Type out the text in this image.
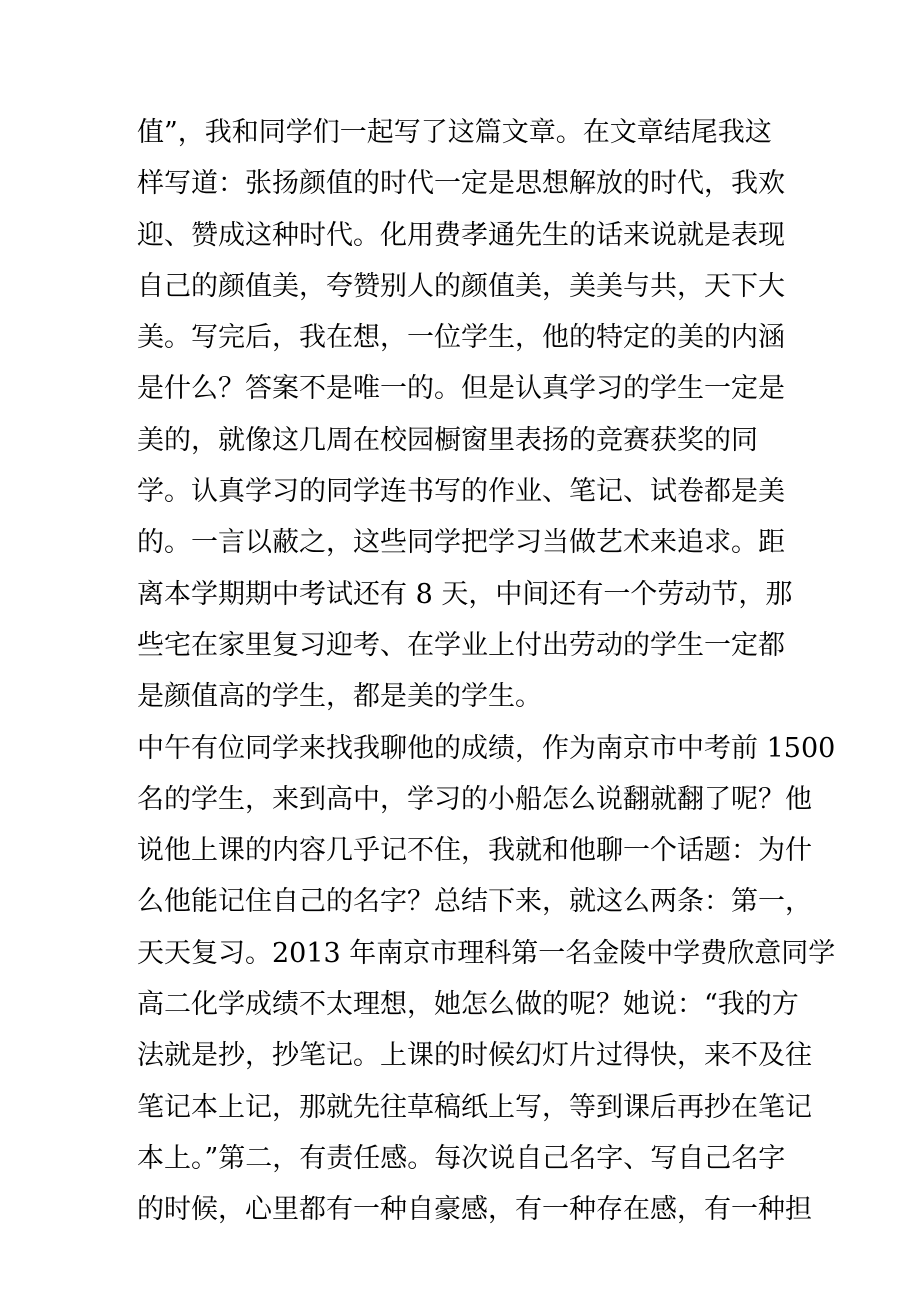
值”，我和同学们一起写了这篇文章。在文章结尾我这
样写道：张扬颜值的时代一定是思想解放的时代，我欢
迎、赞成这种时代。化用费孝通先生的话来说就是表现
自己的颜值美，夸赞别人的颜值美，美美与共，天下大
美。写完后，我在想，一位学生，他的特定的美的内涵
是什么？答案不是唯一的。但是认真学习的学生一定是
美的，就像这几周在校园橱窗里表扬的竞赛获奖的同
学。认真学习的同学连书写的作业、笔记、试卷都是美
的。一言以蔽之，这些同学把学习当做艺术来追求。距
离本学期期中考试还有 8 天，中间还有一个劳动节，那
些宅在家里复习迎考、在学业上付出劳动的学生一定都
是颜值高的学生，都是美的学生。
中午有位同学来找我聊他的成绩，作为南京市中考前 1500
名的学生，来到高中，学习的小船怎么说翻就翻了呢？他
说他上课的内容几乎记不住，我就和他聊一个话题：为什
么他能记住自己的名字？总结下来，就这么两条：第一，
天天复习。2013 年南京市理科第一名金陵中学费欣意同学
高二化学成绩不太理想，她怎么做的呢？她说：“我的方
法就是抄，抄笔记。上课的时候幻灯片过得快，来不及往
笔记本上记，那就先往草稿纸上写，等到课后再抄在笔记
本上。”第二，有责任感。每次说自己名字、写自己名字
的时候，心里都有一种自豪感，有一种存在感，有一种担
